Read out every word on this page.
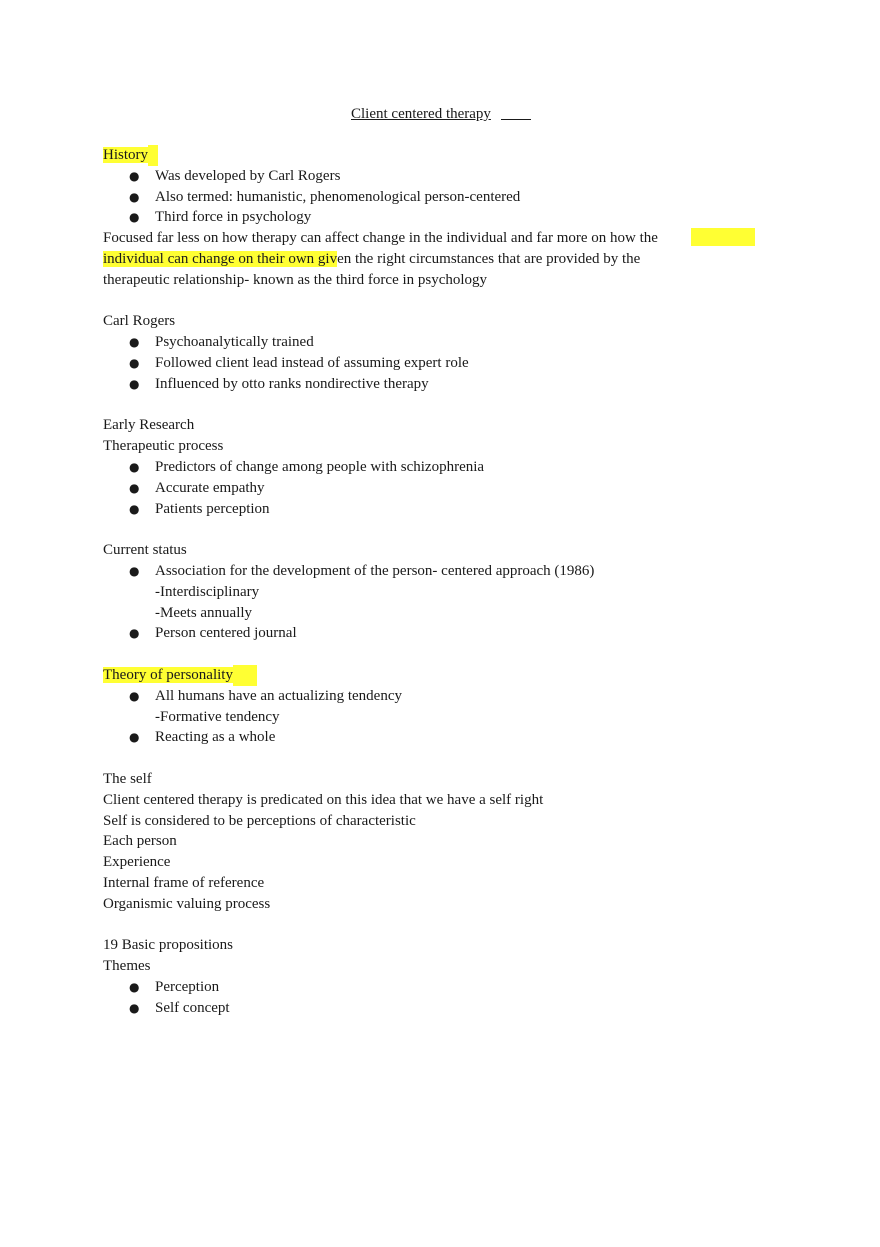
Client centered therapy

History

● Was developed by Carl Rogers
● Also termed: humanistic, phenomenological person-centered
● Third force in psychology

Focused far less on how therapy can affect change in the individual and far more on how the

individual can change on their own given the right circumstances that are provided by the

therapeutic relationship- known as the third force in psychology

Carl Rogers

● Psychoanalytically trained
● Followed client lead instead of assuming expert role
● Influenced by otto ranks nondirective therapy

Early Research

Therapeutic process

● Predictors of change among people with schizophrenia
● Accurate empathy
● Patients perception

Current status

● Association for the development of the person- centered approach (1986)
-Interdisciplinary
-Meets annually
● Person centered journal

Theory of personality

● All humans have an actualizing tendency
-Formative tendency
● Reacting as a whole

The self

Client centered therapy is predicated on this idea that we have a self right

Self is considered to be perceptions of characteristic

Each person

Experience

Internal frame of reference

Organismic valuing process

19 Basic propositions

Themes

● Perception
● Self concept
